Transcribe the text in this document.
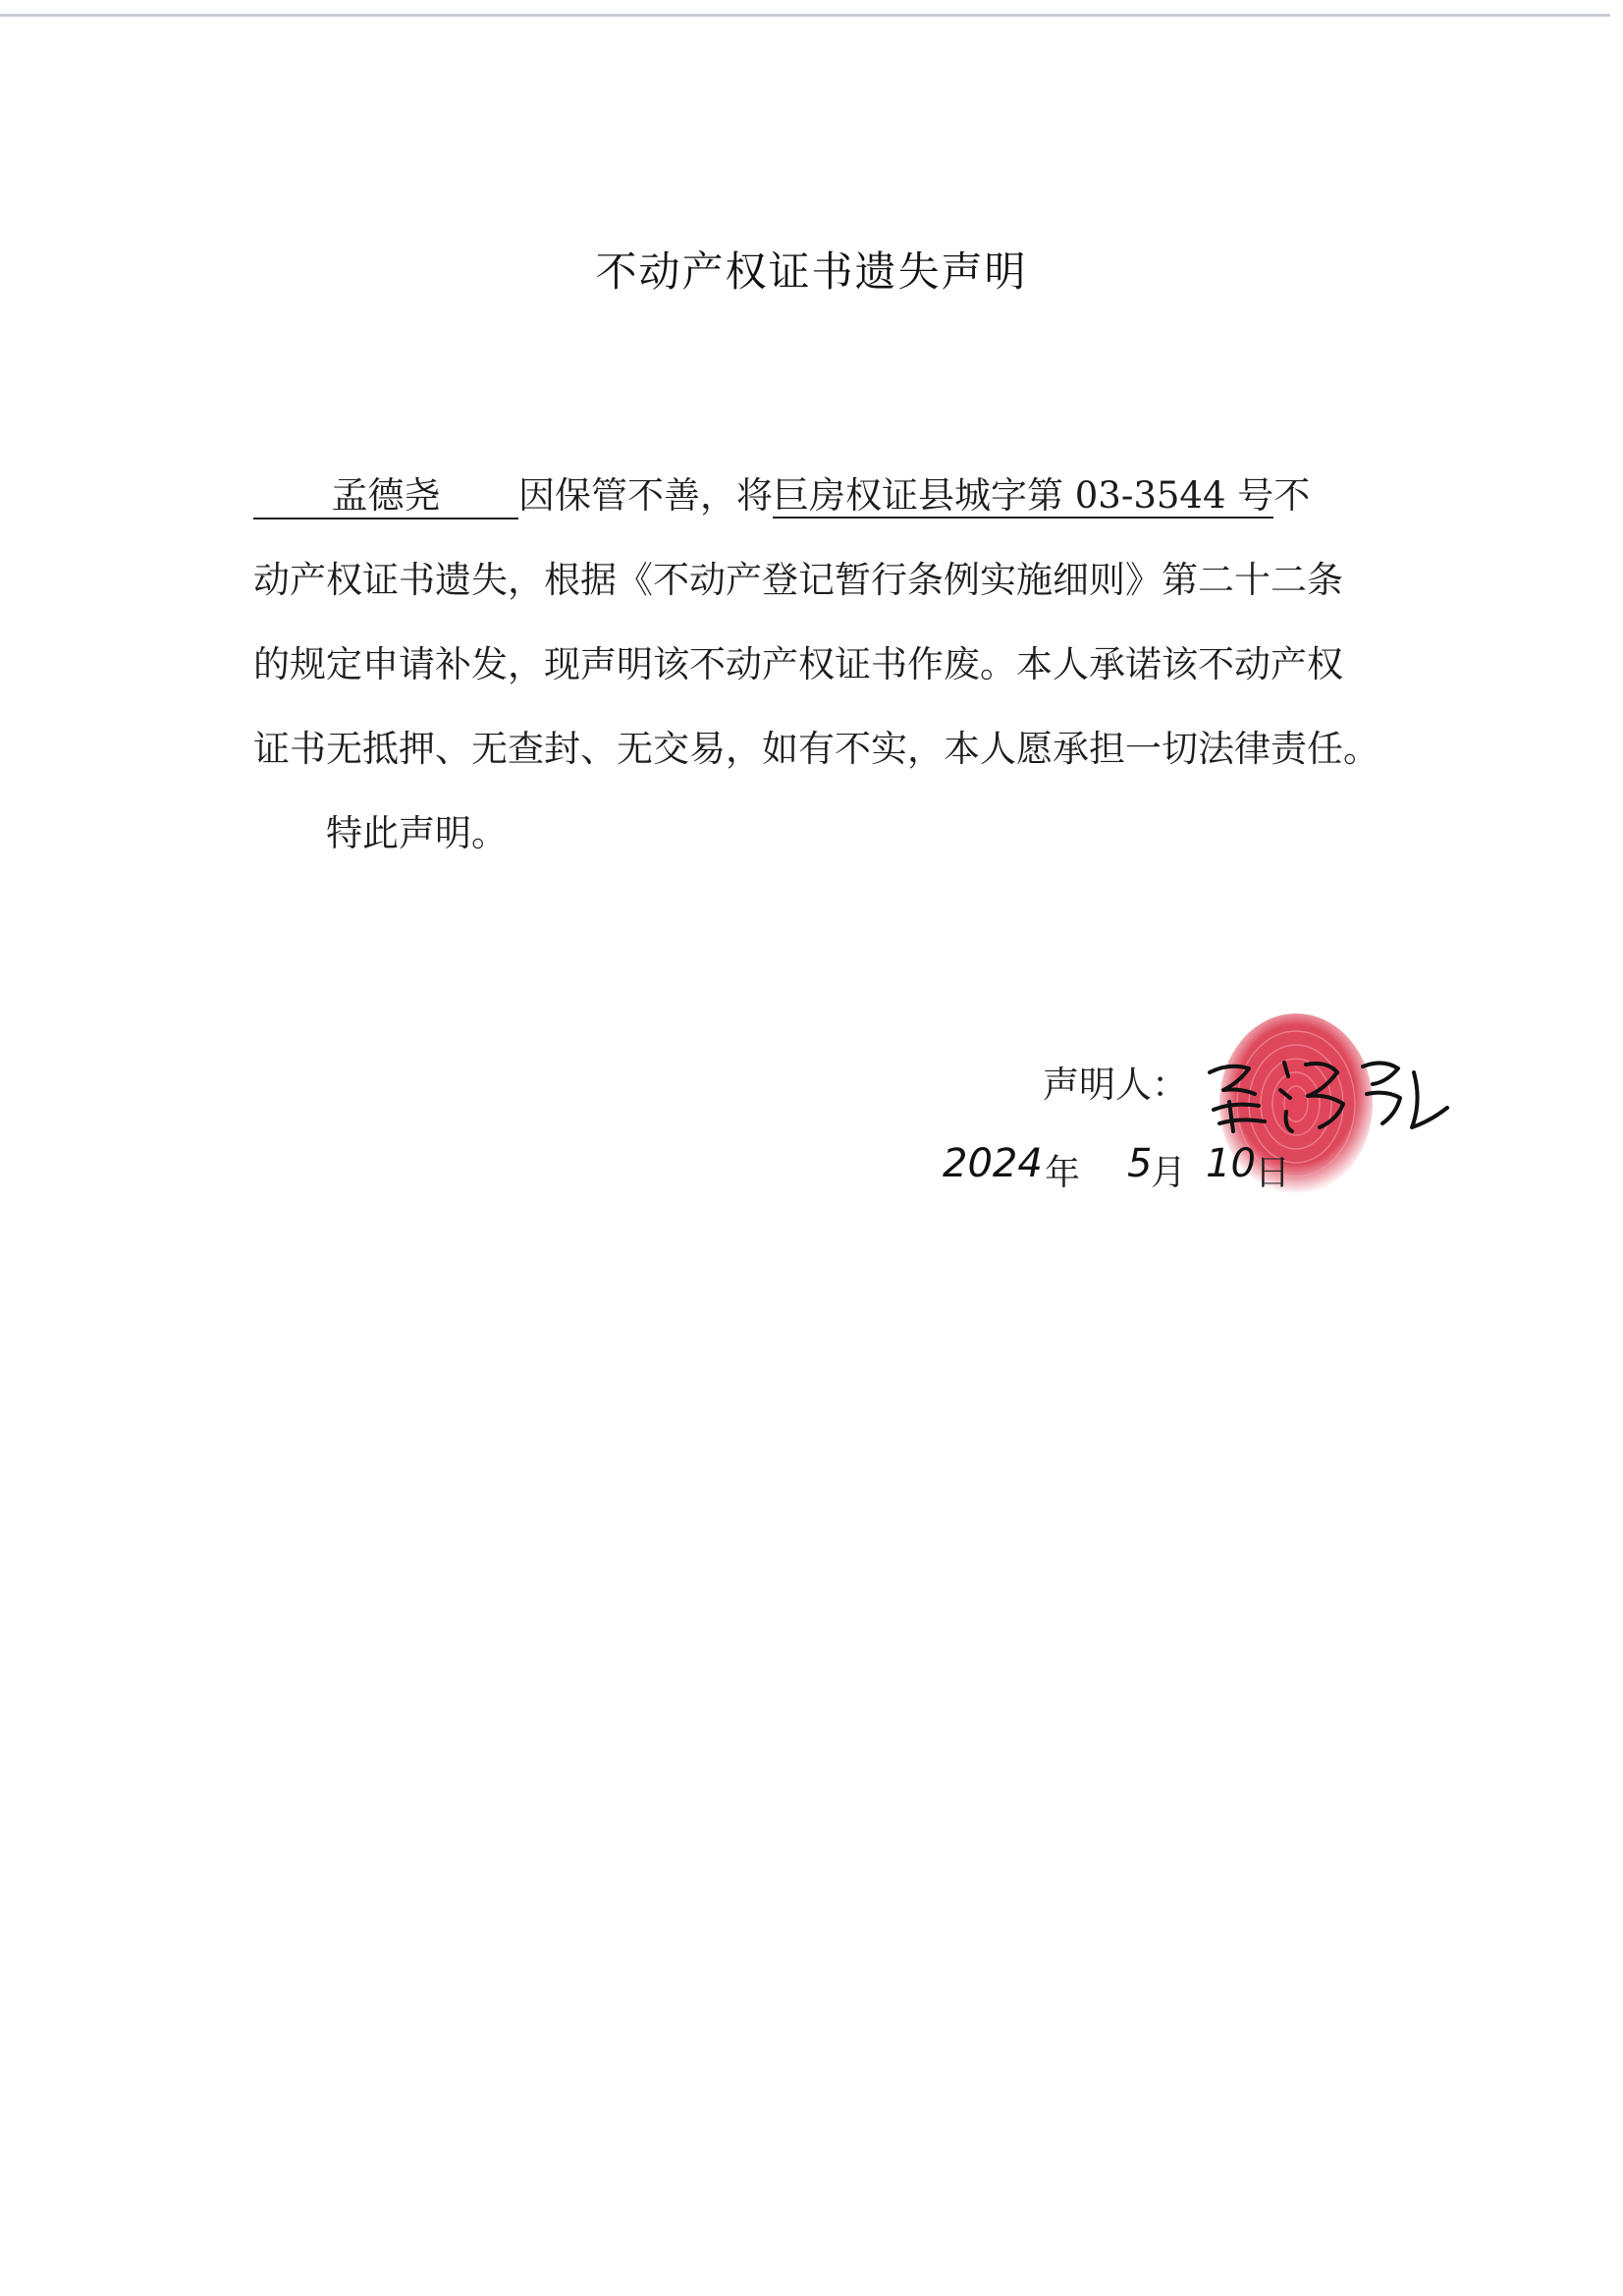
不动产权证书遗失声明
孟德尧 因保管不善，将巨房权证县城字第 03-3544 号不
动产权证书遗失，根据《不动产登记暂行条例实施细则》第二十二条
的规定申请补发，现声明该不动产权证书作废。本人承诺该不动产权
证书无抵押、无查封、无交易，如有不实，本人愿承担一切法律责任。
特此声明。
声明人：
2024 年 5
月 10 日
